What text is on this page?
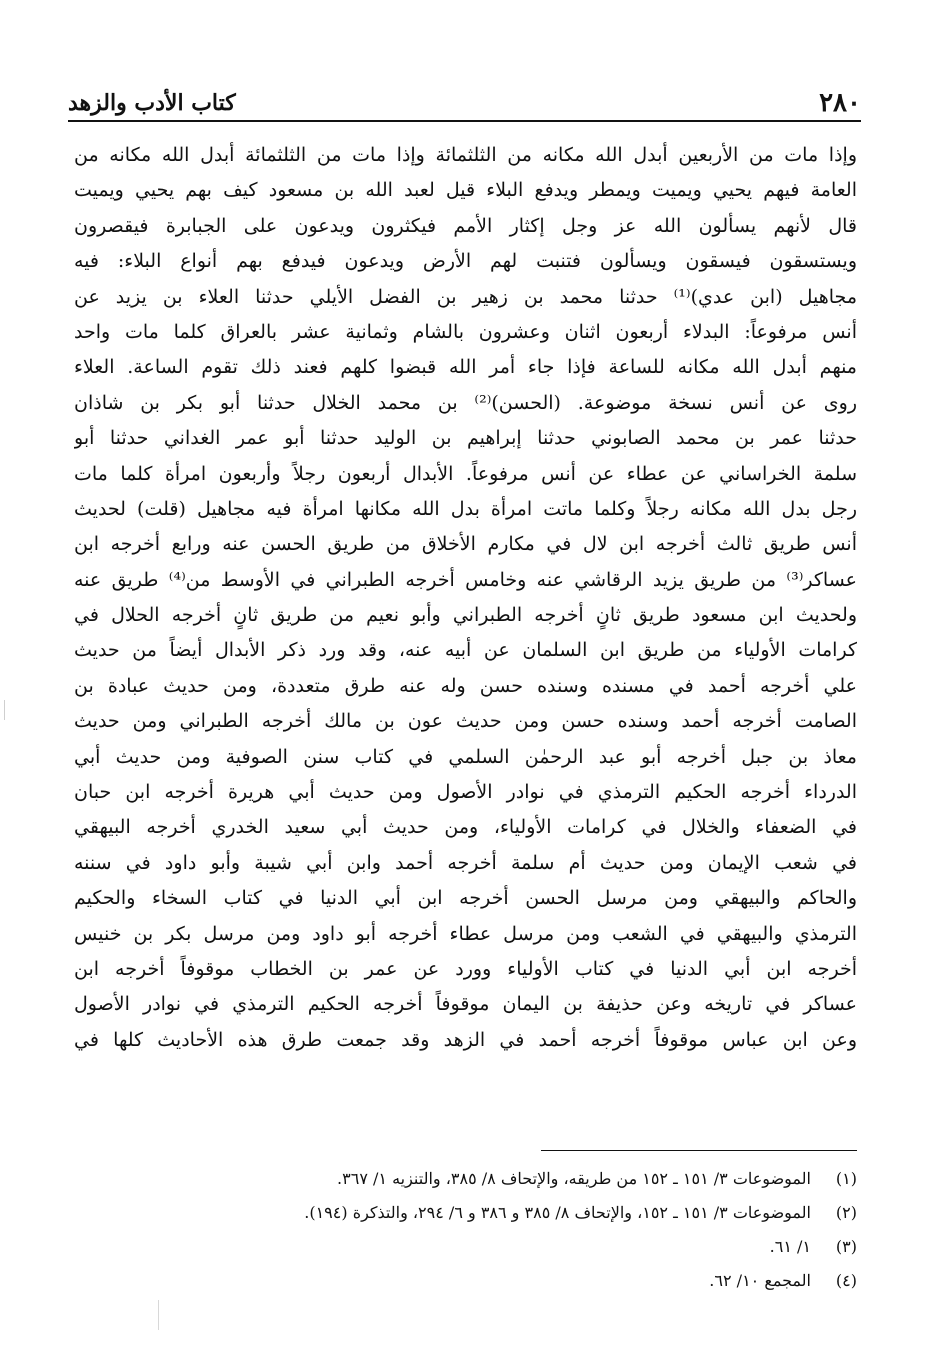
٢٨٠
كتاب الأدب والزهد
وإذا مات من الأربعين أبدل الله مكانه من الثلثمائة وإذا مات من الثلثمائة أبدل الله مكانه من
العامة فيهم يحيي ويميت ويمطر ويدفع البلاء قيل لعبد الله بن مسعود كيف بهم يحيي ويميت
قال لأنهم يسألون الله عز وجل إكثار الأمم فيكثرون ويدعون على الجبابرة فيقصرون
ويستسقون فيسقون ويسألون فتنبت لهم الأرض ويدعون فيدفع بهم أنواع البلاء: فيه
مجاهيل (ابن عدي)⁽¹⁾ حدثنا محمد بن زهير بن الفضل الأيلي حدثنا العلاء بن يزيد عن
أنس مرفوعاً: البدلاء أربعون اثنان وعشرون بالشام وثمانية عشر بالعراق كلما مات واحد
منهم أبدل الله مكانه للساعة فإذا جاء أمر الله قبضوا كلهم فعند ذلك تقوم الساعة. العلاء
روى عن أنس نسخة موضوعة. (الحسن)⁽²⁾ بن محمد الخلال حدثنا أبو بكر بن شاذان
حدثنا عمر بن محمد الصابوني حدثنا إبراهيم بن الوليد حدثنا أبو عمر الغداني حدثنا أبو
سلمة الخراساني عن عطاء عن أنس مرفوعاً. الأبدال أربعون رجلاً وأربعون امرأة كلما مات
رجل بدل الله مكانه رجلاً وكلما ماتت امرأة بدل الله مكانها امرأة فيه مجاهيل (قلت) لحديث
أنس طريق ثالث أخرجه ابن لال في مكارم الأخلاق من طريق الحسن عنه ورابع أخرجه ابن
عساكر⁽³⁾ من طريق يزيد الرقاشي عنه وخامس أخرجه الطبراني في الأوسط من⁽⁴⁾ طريق عنه
ولحديث ابن مسعود طريق ثانٍ أخرجه الطبراني وأبو نعيم من طريق ثانٍ أخرجه الحلال في
كرامات الأولياء من طريق ابن السلمان عن أبيه عنه، وقد ورد ذكر الأبدال أيضاً من حديث
علي أخرجه أحمد في مسنده وسنده حسن وله عنه طرق متعددة، ومن حديث عبادة بن
الصامت أخرجه أحمد وسنده حسن ومن حديث عون بن مالك أخرجه الطبراني ومن حديث
معاذ بن جبل أخرجه أبو عبد الرحمٰن السلمي في كتاب سنن الصوفية ومن حديث أبي
الدرداء أخرجه الحكيم الترمذي في نوادر الأصول ومن حديث أبي هريرة أخرجه ابن حبان
في الضعفاء والخلال في كرامات الأولياء، ومن حديث أبي سعيد الخدري أخرجه البيهقي
في شعب الإيمان ومن حديث أم سلمة أخرجه أحمد وابن أبي شيبة وأبو داود في سننه
والحاكم والبيهقي ومن مرسل الحسن أخرجه ابن أبي الدنيا في كتاب السخاء والحكيم
الترمذي والبيهقي في الشعب ومن مرسل عطاء أخرجه أبو داود ومن مرسل بكر بن خنيس
أخرجه ابن أبي الدنيا في كتاب الأولياء وورد عن عمر بن الخطاب موقوفاً أخرجه ابن
عساكر في تاريخه وعن حذيفة بن اليمان موقوفاً أخرجه الحكيم الترمذي في نوادر الأصول
وعن ابن عباس موقوفاً أخرجه أحمد في الزهد وقد جمعت طرق هذه الأحاديث كلها في
(١)
الموضوعات ٣/ ١٥١ ـ ١٥٢ من طريقه، والإتحاف ٨/ ٣٨٥، والتنزيه ١/ ٣٦٧.
(٢)
الموضوعات ٣/ ١٥١ ـ ١٥٢، والإتحاف ٨/ ٣٨٥ و ٣٨٦ و ٦/ ٢٩٤، والتذكرة (١٩٤).
(٣)
١/ ٦١.
(٤)
المجمع ١٠/ ٦٢.
